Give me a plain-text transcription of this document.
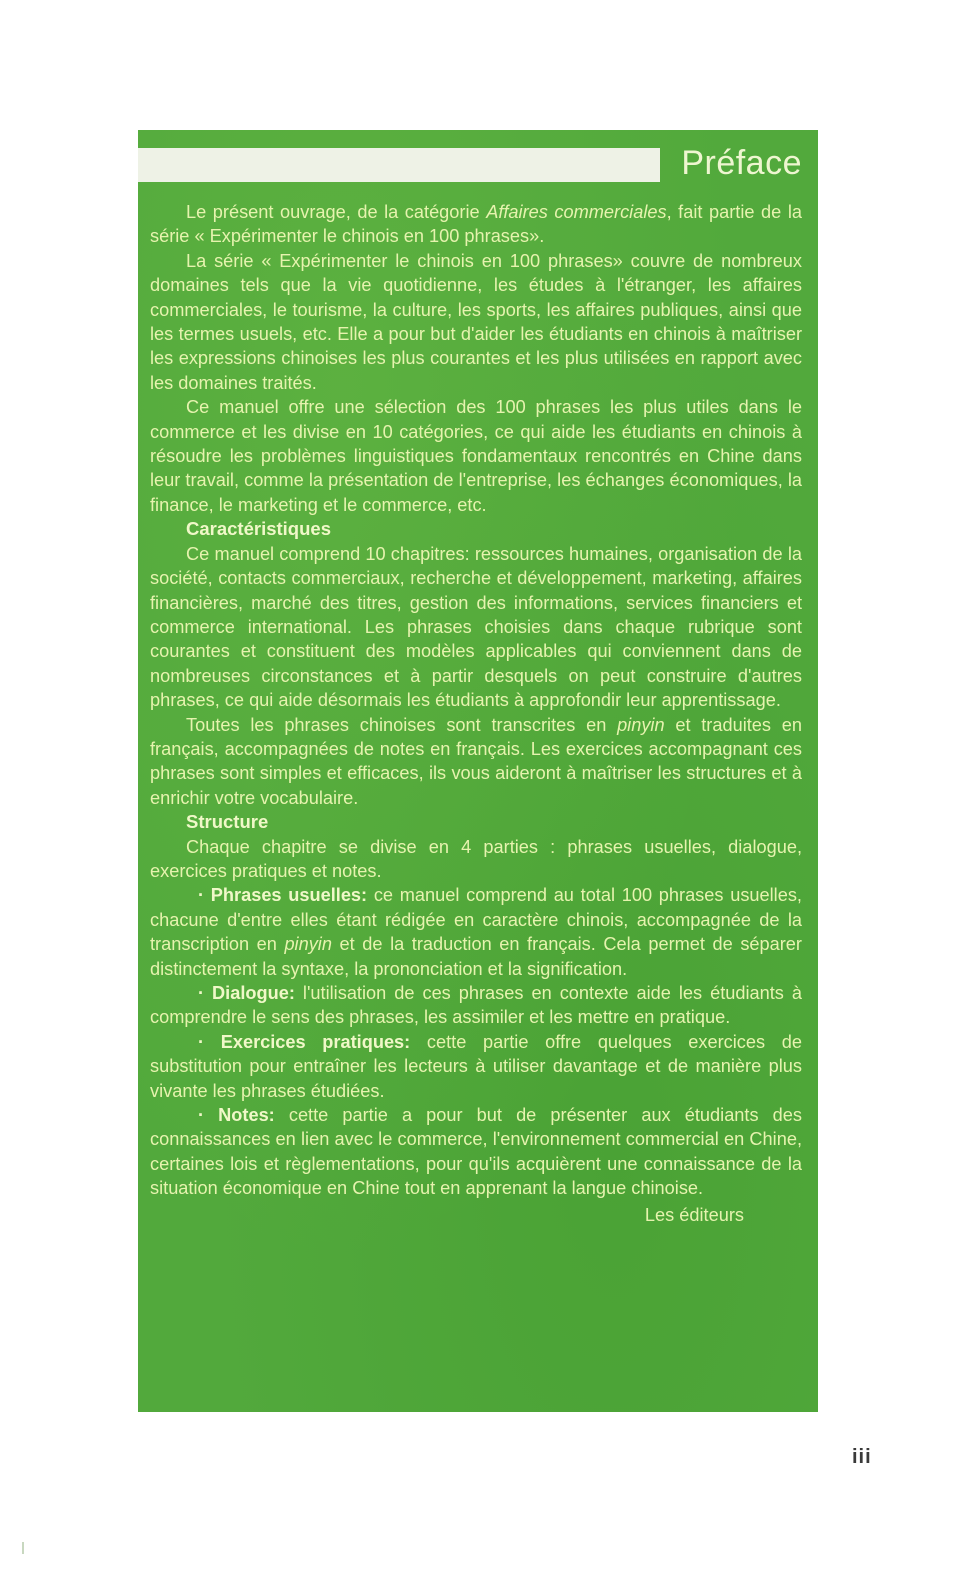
Préface

Le présent ouvrage, de la catégorie Affaires commerciales, fait partie de la série « Expérimenter le chinois en 100 phrases».

La série « Expérimenter le chinois en 100 phrases» couvre de nombreux domaines tels que la vie quotidienne, les études à l'étranger, les affaires commerciales, le tourisme, la culture, les sports, les affaires publiques, ainsi que les termes usuels, etc. Elle a pour but d'aider les étudiants en chinois à maîtriser les expressions chinoises les plus courantes et les plus utilisées en rapport avec les domaines traités.

Ce manuel offre une sélection des 100 phrases les plus utiles dans le commerce et les divise en 10 catégories, ce qui aide les étudiants en chinois à résoudre les problèmes linguistiques fondamentaux rencontrés en Chine dans leur travail, comme la présentation de l'entreprise, les échanges économiques, la finance, le marketing et le commerce, etc.

Caractéristiques

Ce manuel comprend 10 chapitres: ressources humaines, organisation de la société, contacts commerciaux, recherche et développement, marketing, affaires financières, marché des titres, gestion des informations, services financiers et commerce international. Les phrases choisies dans chaque rubrique sont courantes et constituent des modèles applicables qui conviennent dans de nombreuses circonstances et à partir desquels on peut construire d'autres phrases, ce qui aide désormais les étudiants à approfondir leur apprentissage.

Toutes les phrases chinoises sont transcrites en pinyin et traduites en français, accompagnées de notes en français. Les exercices accompagnant ces phrases sont simples et efficaces, ils vous aideront à maîtriser les structures et à enrichir votre vocabulaire.

Structure

Chaque chapitre se divise en 4 parties : phrases usuelles, dialogue, exercices pratiques et notes.

· Phrases usuelles: ce manuel comprend au total 100 phrases usuelles, chacune d'entre elles étant rédigée en caractère chinois, accompagnée de la transcription en pinyin et de la traduction en français. Cela permet de séparer distinctement la syntaxe, la prononciation et la signification.

· Dialogue: l'utilisation de ces phrases en contexte aide les étudiants à comprendre le sens des phrases, les assimiler et les mettre en pratique.

· Exercices pratiques: cette partie offre quelques exercices de substitution pour entraîner les lecteurs à utiliser davantage et de manière plus vivante les phrases étudiées.

· Notes: cette partie a pour but de présenter aux étudiants des connaissances en lien avec le commerce, l'environnement commercial en Chine, certaines lois et règlementations, pour qu'ils acquièrent une connaissance de la situation économique en Chine tout en apprenant la langue chinoise.

Les éditeurs
iii
